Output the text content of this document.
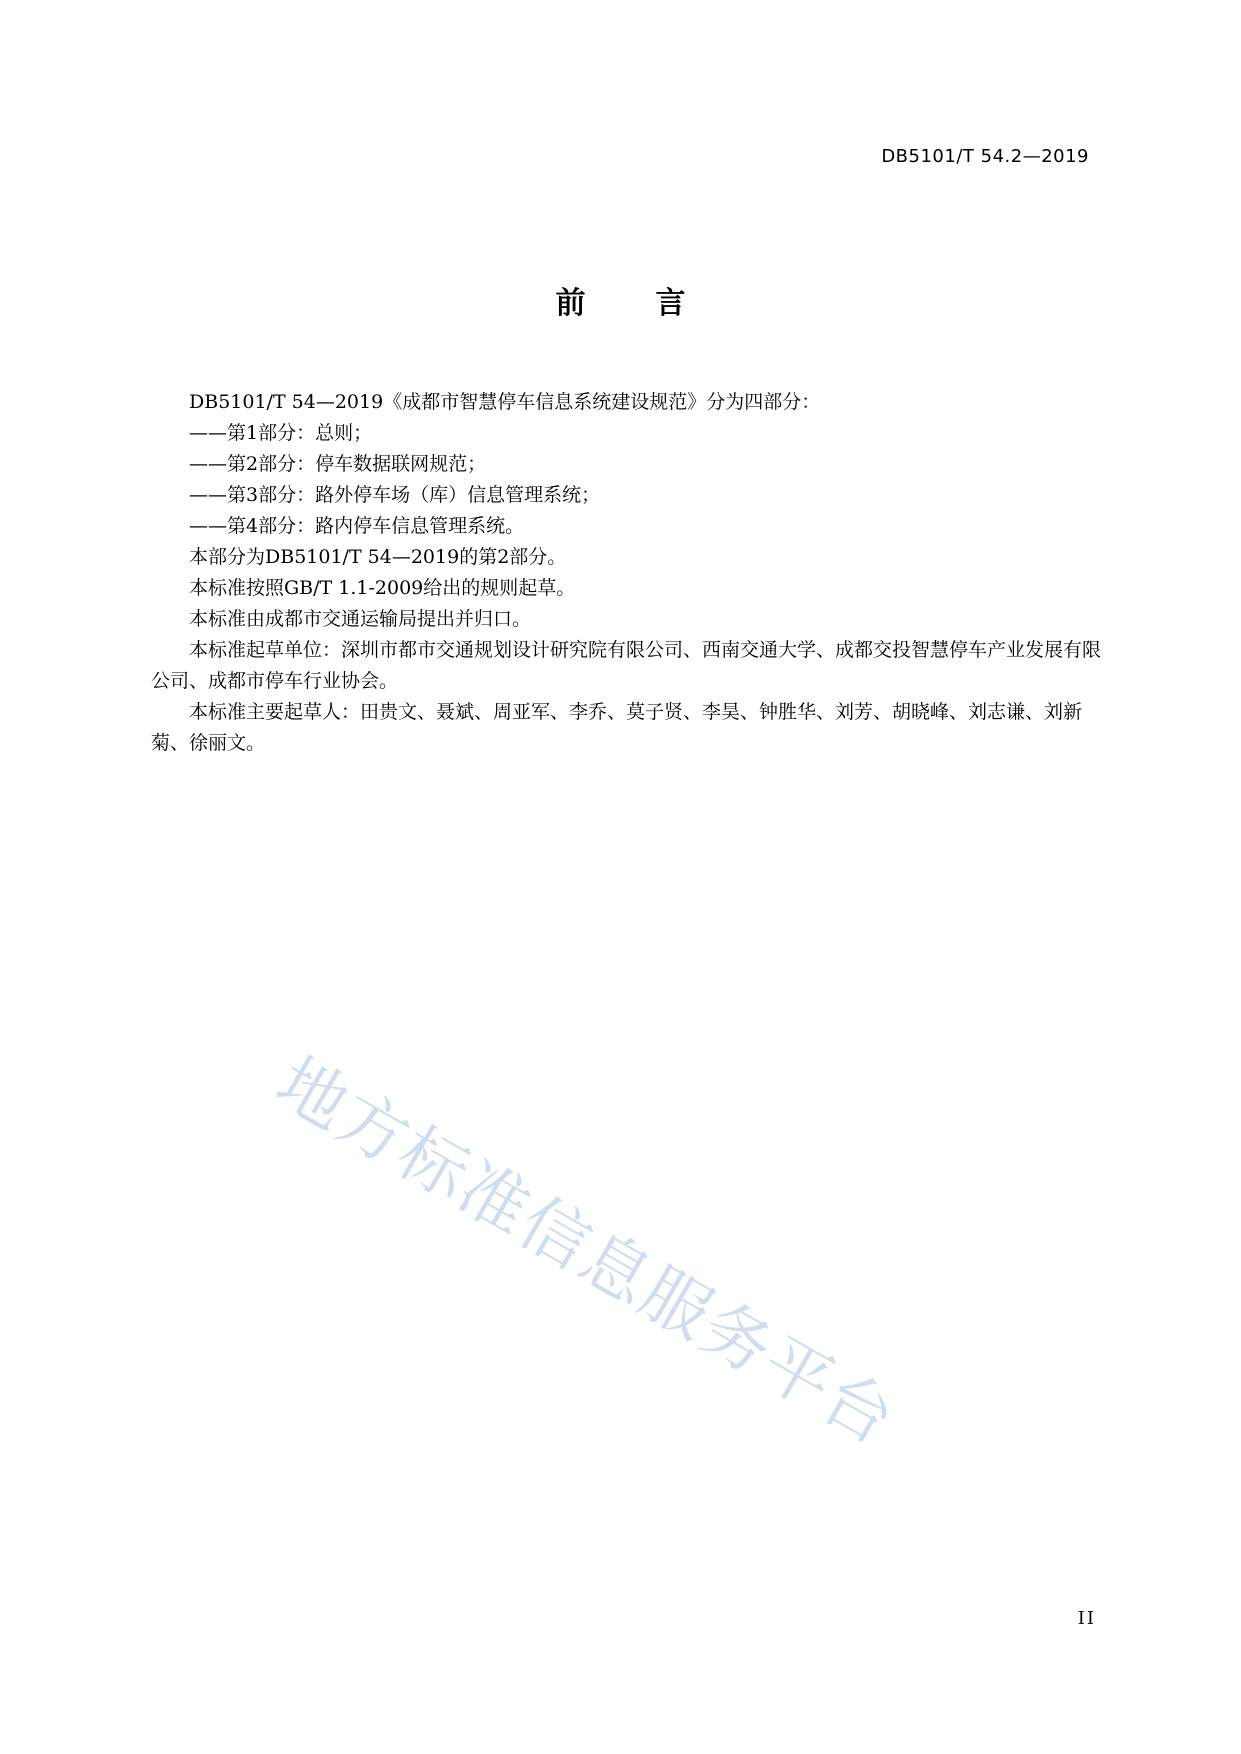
DB5101/T 54.2—2019
前 言

DB5101/T 54—2019《成都市智慧停车信息系统建设规范》分为四部分：

——第1部分：总则；

——第2部分：停车数据联网规范；

——第3部分：路外停车场（库）信息管理系统；

——第4部分：路内停车信息管理系统。

本部分为DB5101/T 54—2019的第2部分。

本标准按照GB/T 1.1-2009给出的规则起草。

本标准由成都市交通运输局提出并归口。

本标准起草单位：深圳市都市交通规划设计研究院有限公司、西南交通大学、成都交投智慧停车产业发展有限公司、成都市停车行业协会。

本标准主要起草人：田贵文、聂斌、周亚军、李乔、莫子贤、李昊、钟胜华、刘芳、胡晓峰、刘志谦、刘新菊、徐丽文。

地方标准信息服务平台
II
